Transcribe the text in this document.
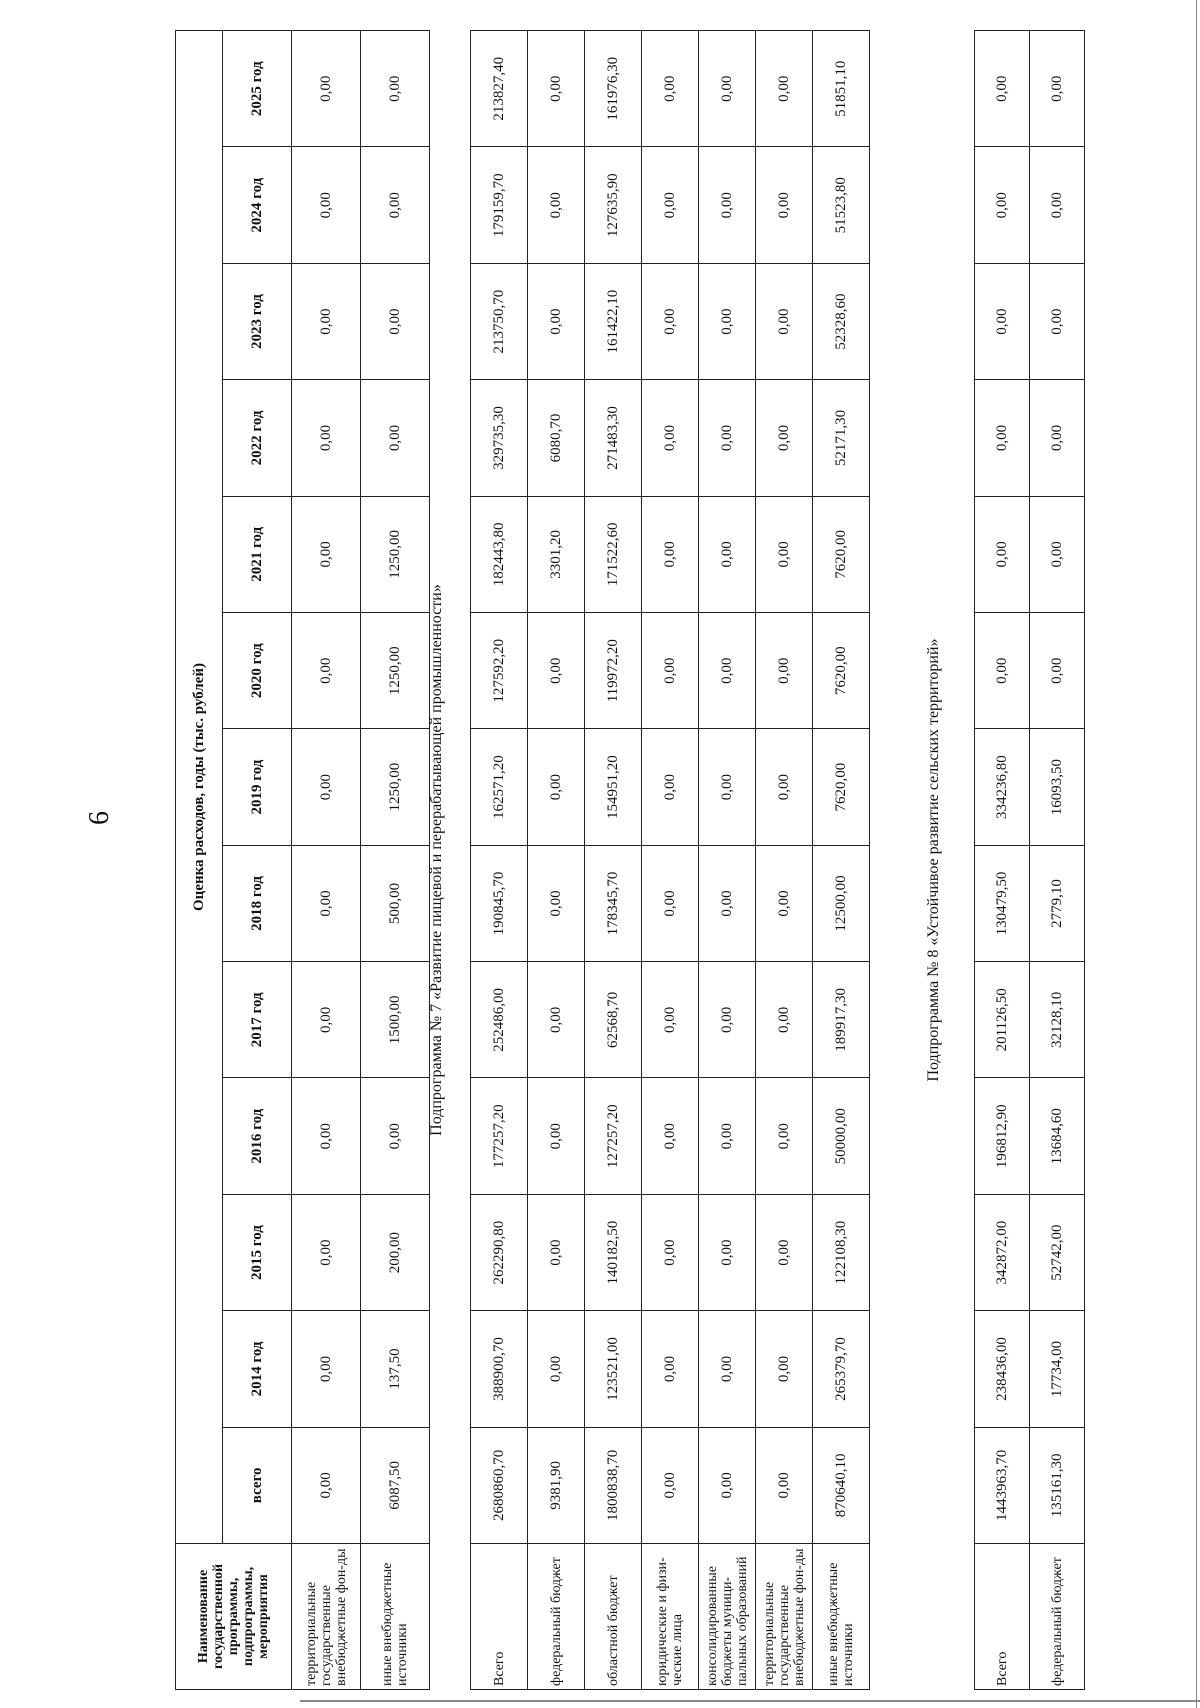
6
Наименование государственной программы, подпрограммы, мероприятия	Оценка расходов, годы (тыс. рублей)												
	всего	2014 год	2015 год	2016 год	2017 год	2018 год	2019 год	2020 год	2021 год	2022 год	2023 год	2024 год	2025 год
территориальные государственные внебюджетные фон-ды	0,00	0,00	0,00	0,00	0,00	0,00	0,00	0,00	0,00	0,00	0,00	0,00	0,00
иные внебюджетные источники	6087,50	137,50	200,00	0,00	1500,00	500,00	1250,00	1250,00	1250,00	0,00	0,00	0,00	0,00
Подпрограмма № 7 «Развитие пищевой и перерабатывающей промышленности»
Всего	2680860,70	388900,70	262290,80	177257,20	252486,00	190845,70	162571,20	127592,20	182443,80	329735,30	213750,70	179159,70	213827,40
федеральный бюджет	9381,90	0,00	0,00	0,00	0,00	0,00	0,00	0,00	3301,20	6080,70	0,00	0,00	0,00
областной бюджет	1800838,70	123521,00	140182,50	127257,20	62568,70	178345,70	154951,20	119972,20	171522,60	271483,30	161422,10	127635,90	161976,30
юридические и физи-ческие лица	0,00	0,00	0,00	0,00	0,00	0,00	0,00	0,00	0,00	0,00	0,00	0,00	0,00
консолидированные бюджеты муници-пальных образований	0,00	0,00	0,00	0,00	0,00	0,00	0,00	0,00	0,00	0,00	0,00	0,00	0,00
территориальные государственные внебюджетные фон-ды	0,00	0,00	0,00	0,00	0,00	0,00	0,00	0,00	0,00	0,00	0,00	0,00	0,00
иные внебюджетные источники	870640,10	265379,70	122108,30	50000,00	189917,30	12500,00	7620,00	7620,00	7620,00	52171,30	52328,60	51523,80	51851,10
Подпрограмма № 8 «Устойчивое развитие сельских территорий»
Всего	1443963,70	238436,00	342872,00	196812,90	201126,50	130479,50	334236,80	0,00	0,00	0,00	0,00	0,00	0,00
федеральный бюджет	135161,30	17734,00	52742,00	13684,60	32128,10	2779,10	16093,50	0,00	0,00	0,00	0,00	0,00	0,00
